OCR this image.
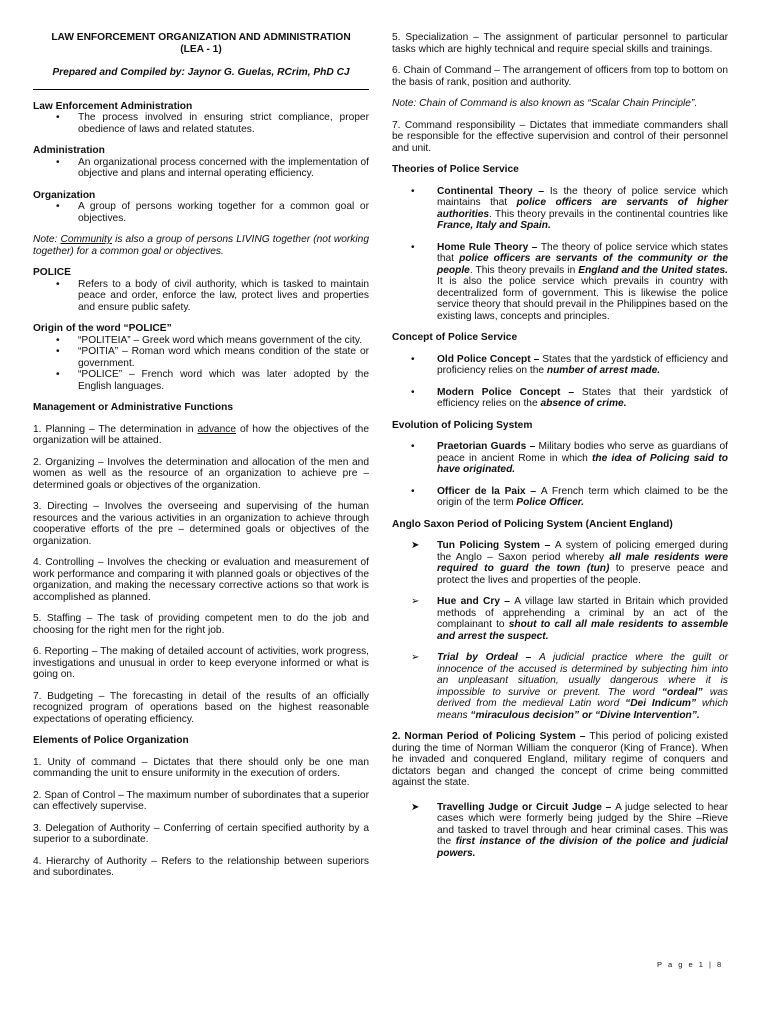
LAW ENFORCEMENT ORGANIZATION AND ADMINISTRATION
(LEA - 1)

Prepared and Compiled by: Jaynor G. Guelas, RCrim, PhD CJ

Law Enforcement Administration

• The process involved in ensuring strict compliance, proper obedience of laws and related statutes.

Administration

• An organizational process concerned with the implementation of objective and plans and internal operating efficiency.

Organization

• A group of persons working together for a common goal or objectives.

Note: Community is also a group of persons LIVING together (not working together) for a common goal or objectives.

POLICE

• Refers to a body of civil authority, which is tasked to maintain peace and order, enforce the law, protect lives and properties and ensure public safety.

Origin of the word “POLICE”

• “POLITEIA” – Greek word which means government of the city.
• “POITIA” – Roman word which means condition of the state or government.
• “POLICE” – French word which was later adopted by the English languages.

Management or Administrative Functions

1. Planning – The determination in advance of how the objectives of the organization will be attained.

2. Organizing – Involves the determination and allocation of the men and women as well as the resource of an organization to achieve pre – determined goals or objectives of the organization.

3. Directing – Involves the overseeing and supervising of the human resources and the various activities in an organization to achieve through cooperative efforts of the pre – determined goals or objectives of the organization.

4. Controlling – Involves the checking or evaluation and measurement of work performance and comparing it with planned goals or objectives of the organization, and making the necessary corrective actions so that work is accomplished as planned.

5. Staffing – The task of providing competent men to do the job and choosing for the right men for the right job.

6. Reporting – The making of detailed account of activities, work progress, investigations and unusual in order to keep everyone informed or what is going on.

7. Budgeting – The forecasting in detail of the results of an officially recognized program of operations based on the highest reasonable expectations of operating efficiency.

Elements of Police Organization

1. Unity of command – Dictates that there should only be one man commanding the unit to ensure uniformity in the execution of orders.

2. Span of Control – The maximum number of subordinates that a superior can effectively supervise.

3. Delegation of Authority – Conferring of certain specified authority by a superior to a subordinate.

4. Hierarchy of Authority – Refers to the relationship between superiors and subordinates.

5. Specialization – The assignment of particular personnel to particular tasks which are highly technical and require special skills and trainings.

6. Chain of Command – The arrangement of officers from top to bottom on the basis of rank, position and authority.

Note: Chain of Command is also known as “Scalar Chain Principle”.

7. Command responsibility – Dictates that immediate commanders shall be responsible for the effective supervision and control of their personnel and unit.

Theories of Police Service

• Continental Theory – Is the theory of police service which maintains that police officers are servants of higher authorities. This theory prevails in the continental countries like France, Italy and Spain.
• Home Rule Theory – The theory of police service which states that police officers are servants of the community or the people. This theory prevails in England and the United states. It is also the police service which prevails in country with decentralized form of government. This is likewise the police service theory that should prevail in the Philippines based on the existing laws, concepts and principles.

Concept of Police Service

• Old Police Concept – States that the yardstick of efficiency and proficiency relies on the number of arrest made.
• Modern Police Concept – States that their yardstick of efficiency relies on the absence of crime.

Evolution of Policing System

• Praetorian Guards – Military bodies who serve as guardians of peace in ancient Rome in which the idea of Policing said to have originated.
• Officer de la Paix – A French term which claimed to be the origin of the term Police Officer.

Anglo Saxon Period of Policing System (Ancient England)

➤ Tun Policing System – A system of policing emerged during the Anglo – Saxon period whereby all male residents were required to guard the town (tun) to preserve peace and protect the lives and properties of the people.
➢ Hue and Cry – A village law started in Britain which provided methods of apprehending a criminal by an act of the complainant to shout to call all male residents to assemble and arrest the suspect.
➢ Trial by Ordeal – A judicial practice where the guilt or innocence of the accused is determined by subjecting him into an unpleasant situation, usually dangerous where it is impossible to survive or prevent. The word “ordeal” was derived from the medieval Latin word “Dei Indicum” which means “miraculous decision” or “Divine Intervention”.

2. Norman Period of Policing System – This period of policing existed during the time of Norman William the conqueror (King of France). When he invaded and conquered England, military regime of conquers and dictators began and changed the concept of crime being committed against the state.

➤ Travelling Judge or Circuit Judge – A judge selected to hear cases which were formerly being judged by the Shire –Rieve and tasked to travel through and hear criminal cases. This was the first instance of the division of the police and judicial powers.
P a g e 1 | 8
